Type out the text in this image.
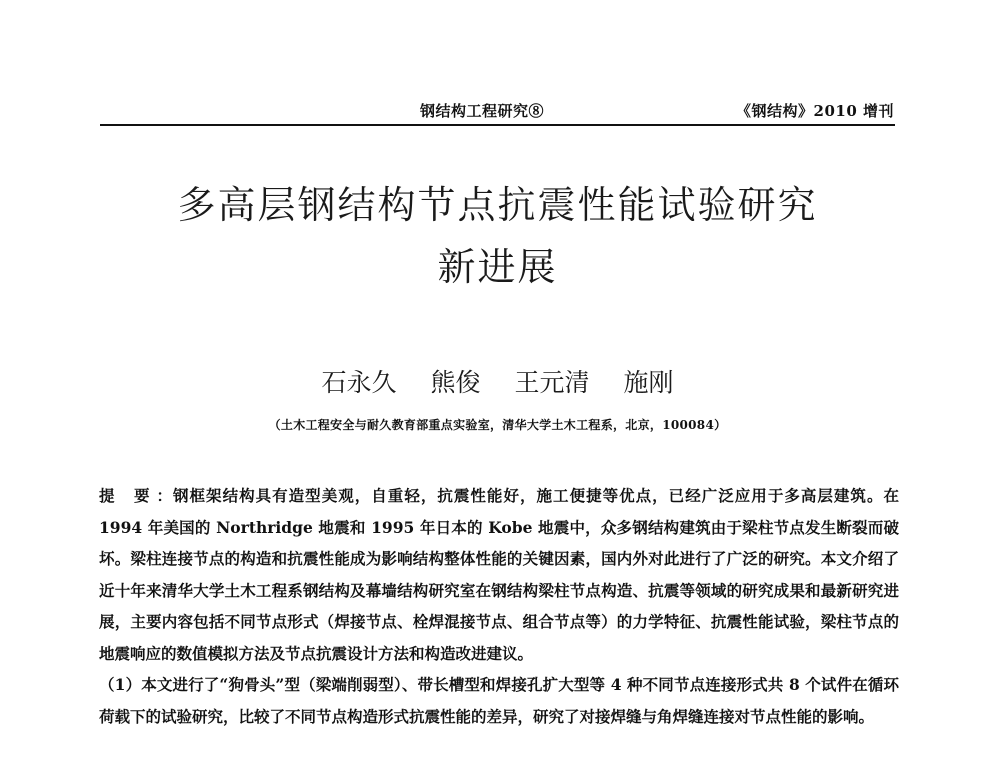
钢结构工程研究⑧	《钢结构》2010 增刊
多高层钢结构节点抗震性能试验研究
新进展
石永久 熊俊 王元清 施刚
（土木工程安全与耐久教育部重点实验室，清华大学土木工程系，北京，100084）

提 要：钢框架结构具有造型美观，自重轻，抗震性能好，施工便捷等优点，已经广泛应用于多高层建筑。在 1994 年美国的 Northridge 地震和 1995 年日本的 Kobe 地震中，众多钢结构建筑由于梁柱节点发生断裂而破坏。梁柱连接节点的构造和抗震性能成为影响结构整体性能的关键因素，国内外对此进行了广泛的研究。本文介绍了近十年来清华大学土木工程系钢结构及幕墙结构研究室在钢结构梁柱节点构造、抗震等领域的研究成果和最新研究进展，主要内容包括不同节点形式（焊接节点、栓焊混接节点、组合节点等）的力学特征、抗震性能试验，梁柱节点的地震响应的数值模拟方法及节点抗震设计方法和构造改进建议。

（1）本文进行了“狗骨头”型（梁端削弱型）、带长槽型和焊接孔扩大型等 4 种不同节点连接形式共 8 个试件在循环荷载下的试验研究，比较了不同节点构造形式抗震性能的差异，研究了对接焊缝与角焊缝连接对节点性能的影响。
